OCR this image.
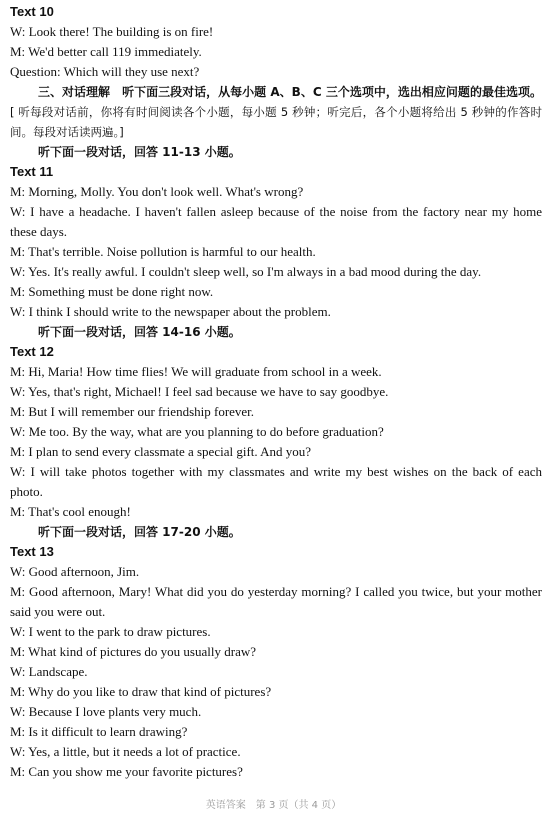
Text 10
W: Look there! The building is on fire!
M: We'd better call 119 immediately.
Question: Which will they use next?
三、对话理解　听下面三段对话，从每小题 A、B、C 三个选项中，选出相应问题的最佳选项。[ 听每段对话前，你将有时间阅读各个小题，每小题 5 秒钟；听完后，各个小题将给出 5 秒钟的作答时间。每段对话读两遍。]
听下面一段对话，回答 11-13 小题。
Text 11
M: Morning, Molly. You don't look well. What's wrong?
W: I have a headache. I haven't fallen asleep because of the noise from the factory near my home these days.
M: That's terrible. Noise pollution is harmful to our health.
W: Yes. It's really awful. I couldn't sleep well, so I'm always in a bad mood during the day.
M: Something must be done right now.
W: I think I should write to the newspaper about the problem.
听下面一段对话，回答 14-16 小题。
Text 12
M: Hi, Maria! How time flies! We will graduate from school in a week.
W: Yes, that's right, Michael! I feel sad because we have to say goodbye.
M: But I will remember our friendship forever.
W: Me too. By the way, what are you planning to do before graduation?
M: I plan to send every classmate a special gift. And you?
W: I will take photos together with my classmates and write my best wishes on the back of each photo.
M: That's cool enough!
听下面一段对话，回答 17-20 小题。
Text 13
W: Good afternoon, Jim.
M: Good afternoon, Mary! What did you do yesterday morning? I called you twice, but your mother said you were out.
W: I went to the park to draw pictures.
M: What kind of pictures do you usually draw?
W: Landscape.
M: Why do you like to draw that kind of pictures?
W: Because I love plants very much.
M: Is it difficult to learn drawing?
W: Yes, a little, but it needs a lot of practice.
M: Can you show me your favorite pictures?
英语答案　第 3 页（共 4 页）
